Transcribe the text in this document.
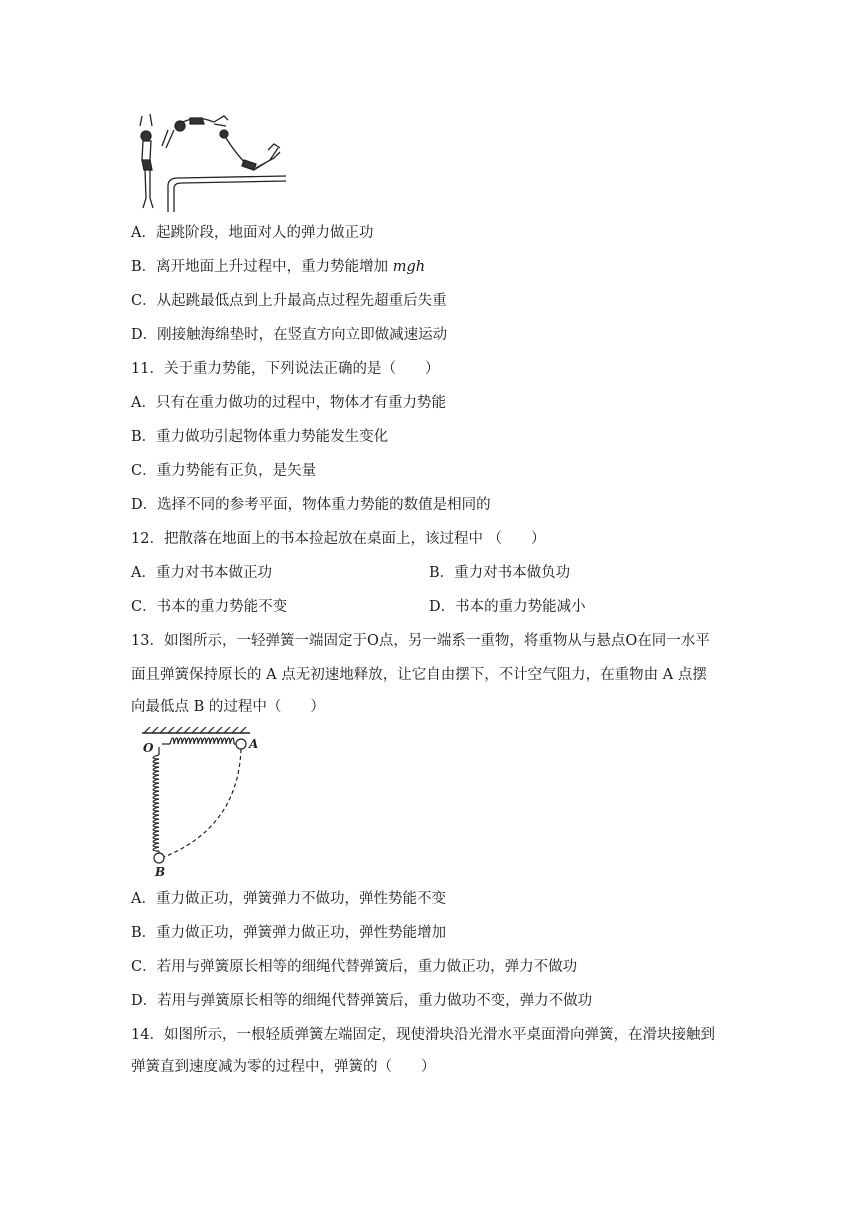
A．起跳阶段，地面对人的弹力做正功
B．离开地面上升过程中，重力势能增加 mgh
C．从起跳最低点到上升最高点过程先超重后失重
D．刚接触海绵垫时，在竖直方向立即做减速运动
11．关于重力势能，下列说法正确的是（　　）
A．只有在重力做功的过程中，物体才有重力势能
B．重力做功引起物体重力势能发生变化
C．重力势能有正负，是矢量
D．选择不同的参考平面，物体重力势能的数值是相同的
12．把散落在地面上的书本捡起放在桌面上，该过程中 （　　）
A．重力对书本做正功	B．重力对书本做负功
C．书本的重力势能不变	D．书本的重力势能减小
13．如图所示，一轻弹簧一端固定于O点，另一端系一重物，将重物从与悬点O在同一水平
面且弹簧保持原长的 A 点无初速地释放，让它自由摆下，不计空气阻力，在重物由 A 点摆
向最低点 B 的过程中（　　）
O	A
B
A．重力做正功，弹簧弹力不做功，弹性势能不变
B．重力做正功，弹簧弹力做正功，弹性势能增加
C．若用与弹簧原长相等的细绳代替弹簧后，重力做正功，弹力不做功
D．若用与弹簧原长相等的细绳代替弹簧后，重力做功不变，弹力不做功
14．如图所示，一根轻质弹簧左端固定，现使滑块沿光滑水平桌面滑向弹簧，在滑块接触到
弹簧直到速度减为零的过程中，弹簧的（　　）
